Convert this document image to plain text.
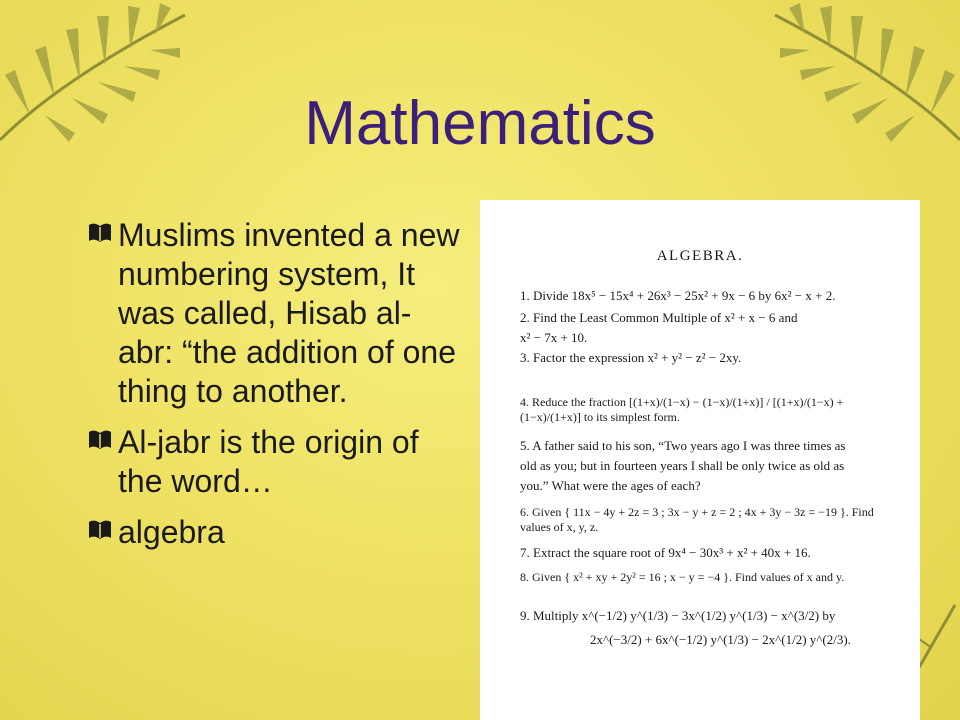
Mathematics
Muslims invented a new numbering system, It was called, Hisab al-abr: “the addition of one thing to another.
Al-jabr is the origin of the word…
algebra
ALGEBRA.
1. Divide 18x⁵ − 15x⁴ + 26x³ − 25x² + 9x − 6 by 6x² − x + 2.
2. Find the Least Common Multiple of x² + x − 6 and
x² − 7x + 10.
3. Factor the expression x² + y² − z² − 2xy.
4. Reduce the fraction [(1+x)/(1−x) − (1−x)/(1+x)] / [(1+x)/(1−x) + (1−x)/(1+x)] to its simplest form.
5. A father said to his son, “Two years ago I was three times as
old as you; but in fourteen years I shall be only twice as old as
you.” What were the ages of each?
6. Given { 11x − 4y + 2z = 3 ; 3x − y + z = 2 ; 4x + 3y − 3z = −19 }. Find values of x, y, z.
7. Extract the square root of 9x⁴ − 30x³ + x² + 40x + 16.
8. Given { x² + xy + 2y² = 16 ; x − y = −4 }. Find values of x and y.
9. Multiply x^(−1/2) y^(1/3) − 3x^(1/2) y^(1/3) − x^(3/2) by
2x^(−3/2) + 6x^(−1/2) y^(1/3) − 2x^(1/2) y^(2/3).
